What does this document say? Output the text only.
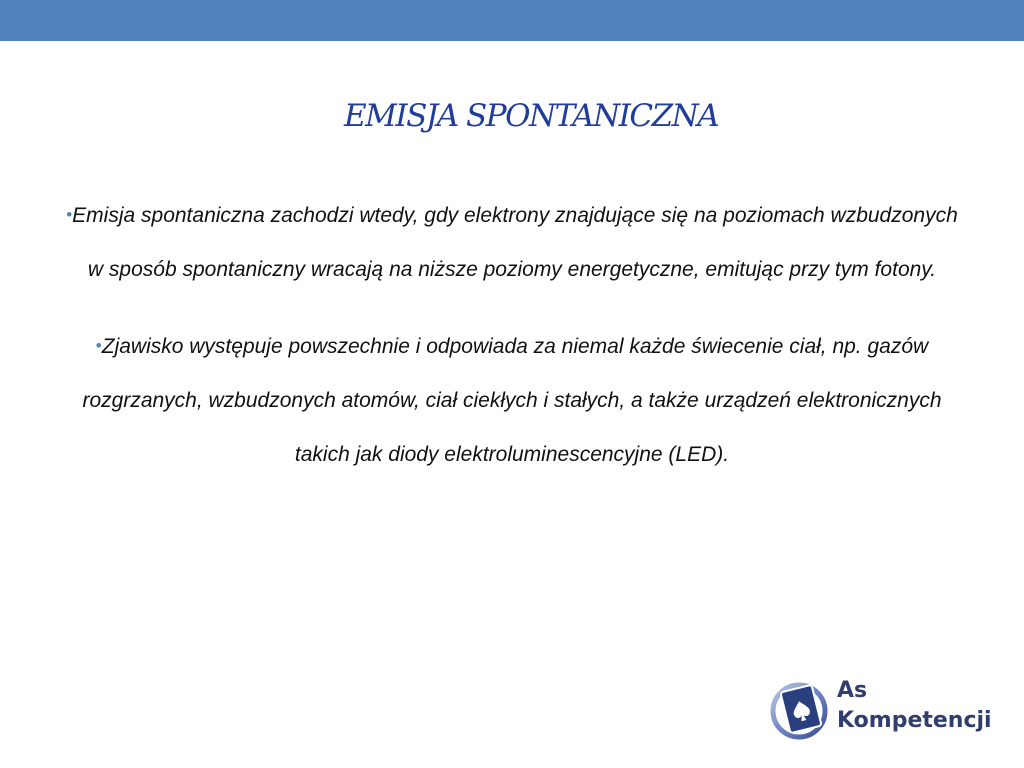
EMISJA SPONTANICZNA

•Emisja spontaniczna zachodzi wtedy, gdy elektrony znajdujące się na poziomach wzbudzonych w sposób spontaniczny wracają na niższe poziomy energetyczne, emitując przy tym fotony.

•Zjawisko występuje powszechnie i odpowiada za niemal każde świecenie ciał, np. gazów rozgrzanych, wzbudzonych atomów, ciał ciekłych i stałych, a także urządzeń elektronicznych takich jak diody elektroluminescencyjne (LED).

As
Kompetencji
